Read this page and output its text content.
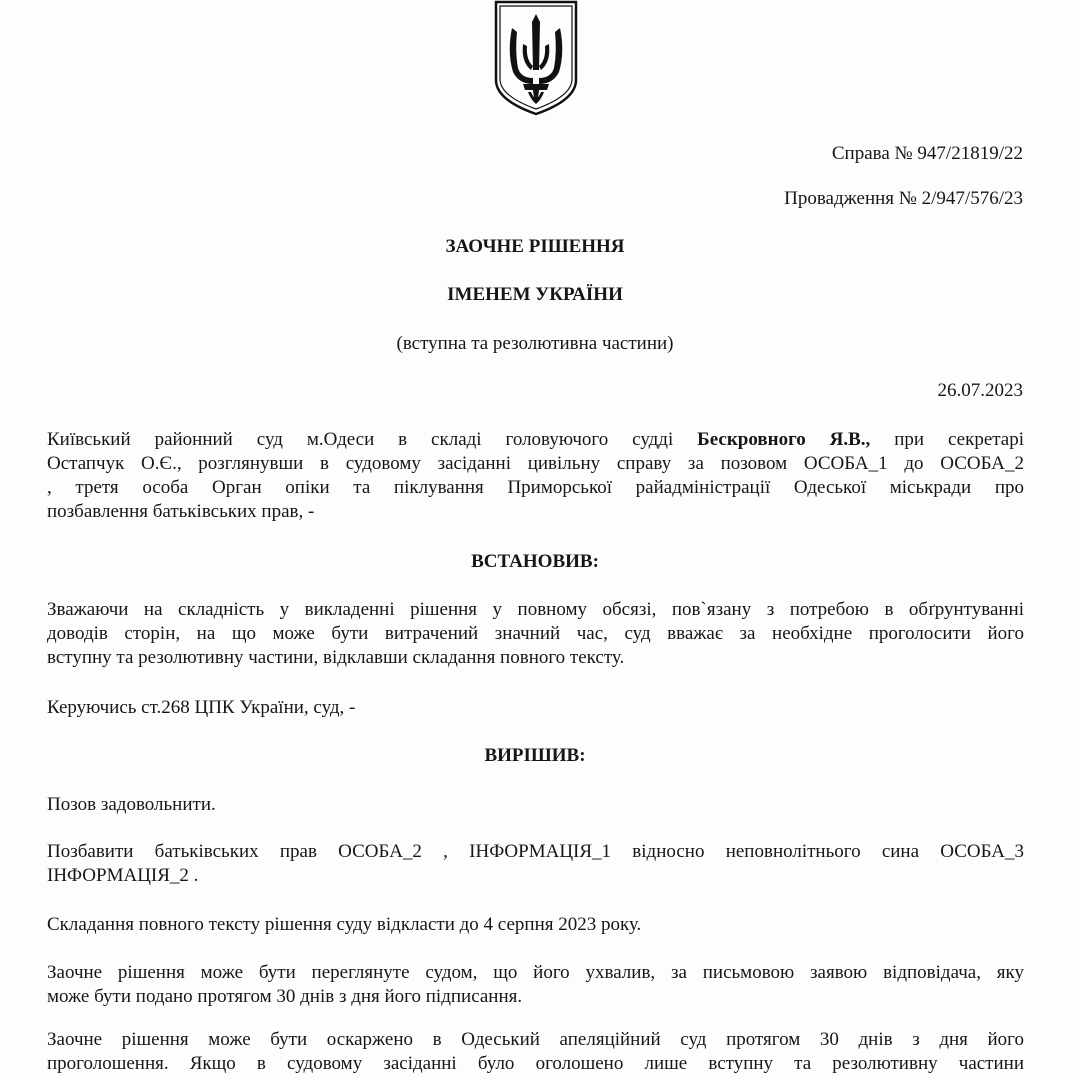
Справа № 947/21819/22
Провадження № 2/947/576/23
ЗАОЧНЕ РІШЕННЯ
ІМЕНЕМ УКРАЇНИ
(вступна та резолютивна частини)
26.07.2023
Київський районний суд м.Одеси в складі головуючого судді Бескровного Я.В., при секретарі
Остапчук О.Є., розглянувши в судовому засіданні цивільну справу за позовом ОСОБА_1 до ОСОБА_2
, третя особа Орган опіки та піклування Приморської райадміністрації Одеської міськради про
позбавлення батьківських прав, -
ВСТАНОВИВ:
Зважаючи на складність у викладенні рішення у повному обсязі, пов`язану з потребою в обґрунтуванні
доводів сторін, на що може бути витрачений значний час, суд вважає за необхідне проголосити його
вступну та резолютивну частини, відклавши складання повного тексту.
Керуючись ст.268 ЦПК України, суд, -
ВИРІШИВ:
Позов задовольнити.
Позбавити батьківських прав ОСОБА_2 , ІНФОРМАЦІЯ_1 відносно неповнолітнього сина ОСОБА_3
ІНФОРМАЦІЯ_2 .
Складання повного тексту рішення суду відкласти до 4 серпня 2023 року.
Заочне рішення може бути переглянуте судом, що його ухвалив, за письмовою заявою відповідача, яку
може бути подано протягом 30 днів з дня його підписання.
Заочне рішення може бути оскаржено в Одеський апеляційний суд протягом 30 днів з дня його
проголошення. Якщо в судовому засіданні було оголошено лише вступну та резолютивну частини
